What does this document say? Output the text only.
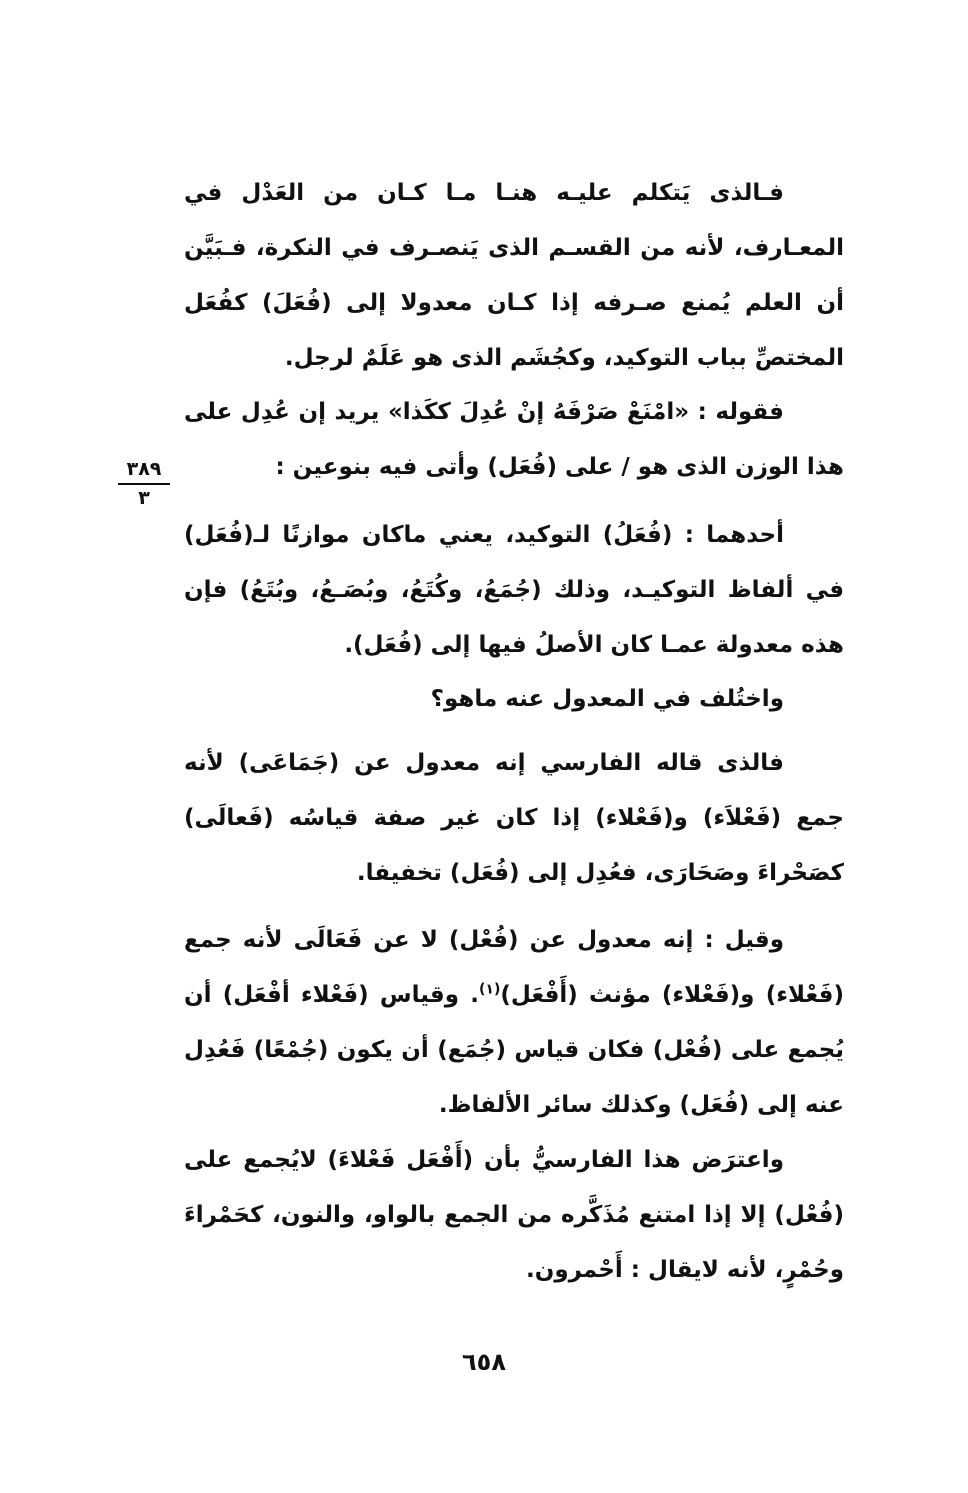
فـالذى يَتكلم عليـه هنـا مـا كـان من العَدْل في المعـارف، لأنه من القسـم الذى يَنصـرف في النكرة، فـبَيَّن أن العلم يُمنع صـرفه إذا كـان معدولا إلى (فُعَلَ) كفُعَل المختصِّ بباب التوكيد، وكجُشَم الذى هو عَلَمٌ لرجل.

فقوله : «امْنَعْ صَرْفَهُ إنْ عُدِلَ ككَذا» يريد إن عُدِل على هذا الوزن الذى هو / على (فُعَل) وأتى فيه بنوعين :

أحدهما : (فُعَلُ) التوكيد، يعني ماكان موازنًا لـ(فُعَل) في ألفاظ التوكيـد، وذلك (جُمَعُ، وكُتَعُ، وبُصَـعُ، وبُتَعُ) فإن هذه معدولة عمـا كان الأصلُ فيها إلى (فُعَل).

واختُلف في المعدول عنه ماهو؟

فالذى قاله الفارسي إنه معدول عن (جَمَاعَى) لأنه جمع (فَعْلاَء) و(فَعْلاء) إذا كان غير صفة قياسُه (فَعالَى) كصَحْراءَ وصَحَارَى، فعُدِل إلى (فُعَل) تخفيفا.

وقيل : إنه معدول عن (فُعْل) لا عن فَعَالَى لأنه جمع (فَعْلاء) و(فَعْلاء) مؤنث (أَفْعَل)$^{(١)}$. وقياس (فَعْلاء أفْعَل) أن يُجمع على (فُعْل) فكان قياس (جُمَع) أن يكون (جُمْعًا) فَعُدِل عنه إلى (فُعَل) وكذلك سائر الألفاظ.

واعترَض هذا الفارسيُّ بأن (أَفْعَل فَعْلاءَ) لايُجمع على (فُعْل) إلا إذا امتنع مُذَكَّره من الجمع بالواو، والنون، كحَمْراءَ وحُمْرٍ، لأنه لايقال : أَحْمرون.

٣٨٩
٣
٦٥٨
